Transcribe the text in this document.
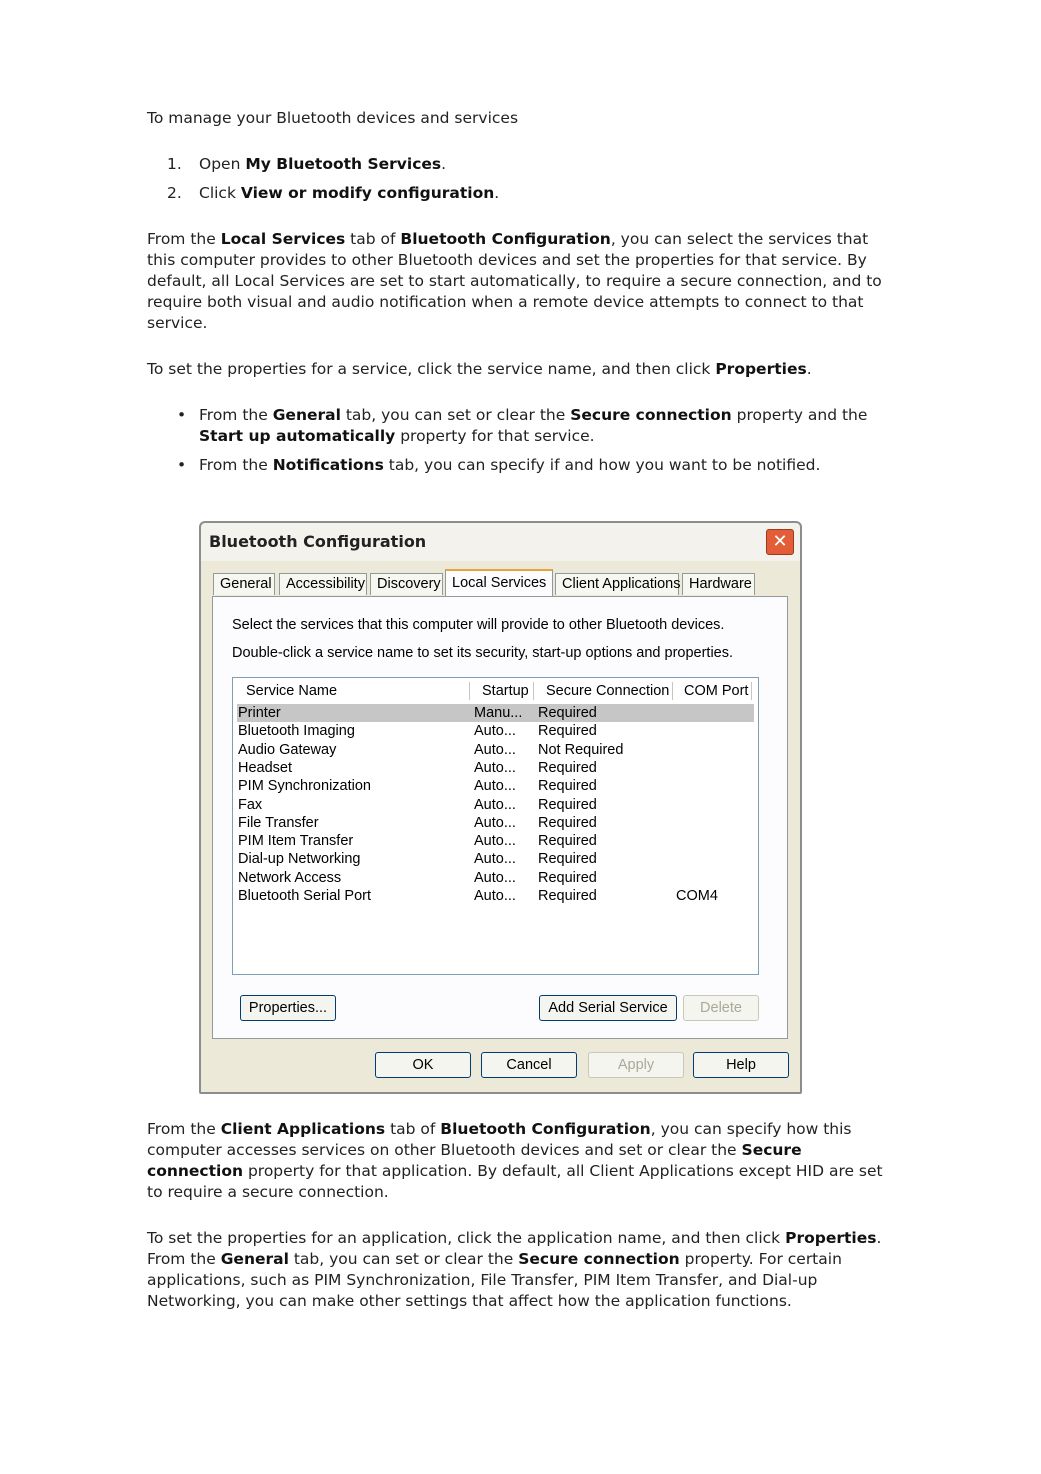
To manage your Bluetooth devices and services

1. Open My Bluetooth Services.
2. Click View or modify configuration.

From the Local Services tab of Bluetooth Configuration, you can select the services that this computer provides to other Bluetooth devices and set the properties for that service. By default, all Local Services are set to start automatically, to require a secure connection, and to require both visual and audio notification when a remote device attempts to connect to that service.

To set the properties for a service, click the service name, and then click Properties.

• From the General tab, you can set or clear the Secure connection property and the Start up automatically property for that service.
• From the Notifications tab, you can specify if and how you want to be notified.

From the Client Applications tab of Bluetooth Configuration, you can specify how this computer accesses services on other Bluetooth devices and set or clear the Secure connection property for that application. By default, all Client Applications except HID are set to require a secure connection.

To set the properties for an application, click the application name, and then click Properties. From the General tab, you can set or clear the Secure connection property. For certain applications, such as PIM Synchronization, File Transfer, PIM Item Transfer, and Dial-up Networking, you can make other settings that affect how the application functions.

Bluetooth Configuration	✕
General Accessibility Discovery Local Services	Client Applications Hardware
Select the services that this computer will provide to other Bluetooth devices.
Double-click a service name to set its security, start-up options and properties.
Service Name	Startup Secure Connection COM Port
Printer	Manu... Required
Bluetooth Imaging	Auto... Required
Audio Gateway	Auto... Not Required
Headset	Auto... Required
PIM Synchronization	Auto... Required
Fax	Auto... Required
File Transfer	Auto... Required
PIM Item Transfer	Auto... Required
Dial-up Networking	Auto... Required
Network Access	Auto... Required
Bluetooth Serial Port	Auto... Required	COM4
Properties...	Add Serial Service	Delete
OK	Cancel	Apply	Help
